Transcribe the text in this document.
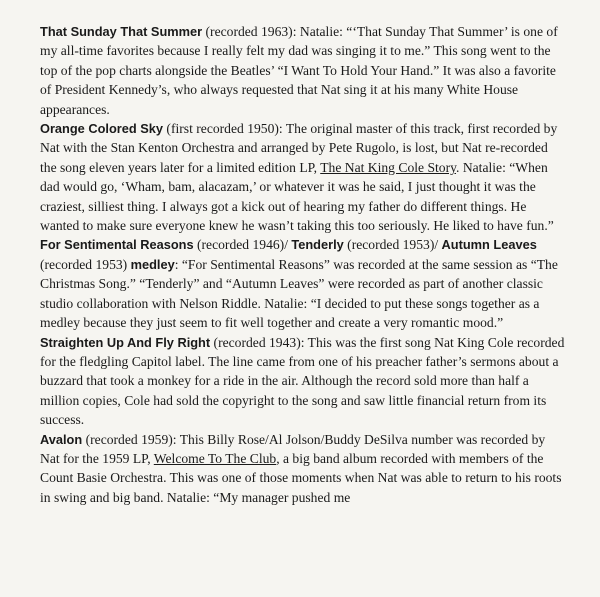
That Sunday That Summer (recorded 1963): Natalie: “‘That Sunday That Summer’ is one of my all-time favorites because I really felt my dad was singing it to me.” This song went to the top of the pop charts alongside the Beatles’ “I Want To Hold Your Hand.” It was also a favorite of President Kennedy’s, who always requested that Nat sing it at his many White House appearances.

Orange Colored Sky (first recorded 1950): The original master of this track, first recorded by Nat with the Stan Kenton Orchestra and arranged by Pete Rugolo, is lost, but Nat re-recorded the song eleven years later for a limited edition LP, The Nat King Cole Story. Natalie: “When dad would go, ‘Wham, bam, alacazam,’ or whatever it was he said, I just thought it was the craziest, silliest thing. I always got a kick out of hearing my father do different things. He wanted to make sure everyone knew he wasn’t taking this too seriously. He liked to have fun.”

For Sentimental Reasons (recorded 1946)/ Tenderly (recorded 1953)/ Autumn Leaves (recorded 1953) medley: “For Sentimental Reasons” was recorded at the same session as “The Christmas Song.” “Tenderly” and “Autumn Leaves” were recorded as part of another classic studio collaboration with Nelson Riddle. Natalie: “I decided to put these songs together as a medley because they just seem to fit well together and create a very romantic mood.”

Straighten Up And Fly Right (recorded 1943): This was the first song Nat King Cole recorded for the fledgling Capitol label. The line came from one of his preacher father’s sermons about a buzzard that took a monkey for a ride in the air. Although the record sold more than half a million copies, Cole had sold the copyright to the song and saw little financial return from its success.

Avalon (recorded 1959): This Billy Rose/Al Jolson/Buddy DeSilva number was recorded by Nat for the 1959 LP, Welcome To The Club, a big band album recorded with members of the Count Basie Orchestra. This was one of those moments when Nat was able to return to his roots in swing and big band. Natalie: “My manager pushed me
